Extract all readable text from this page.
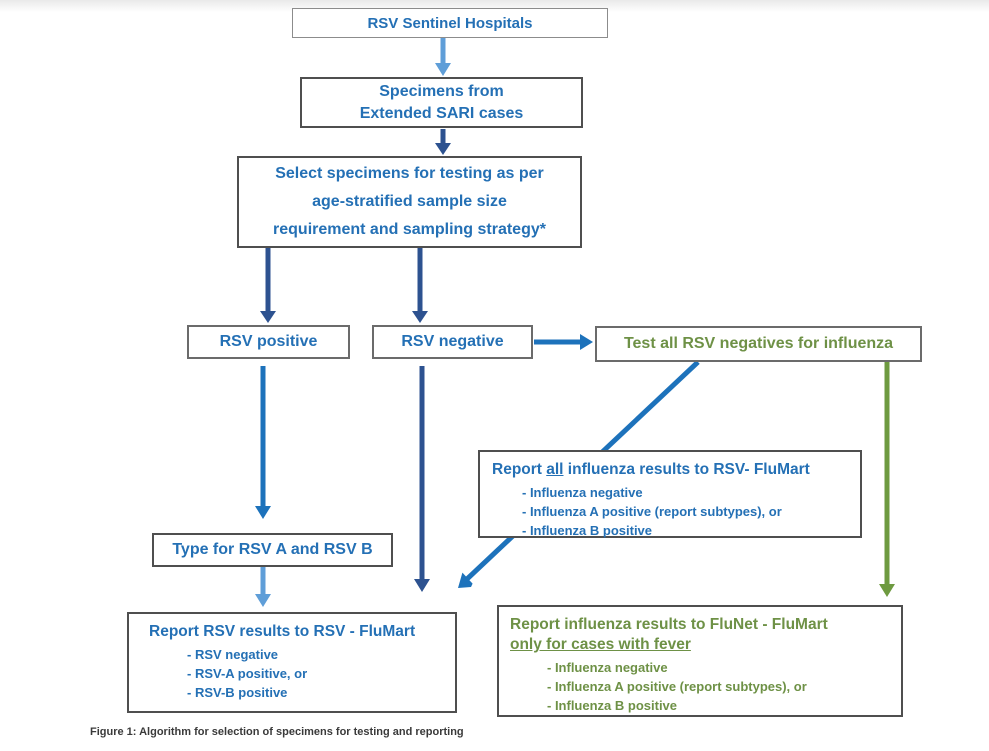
RSV Sentinel Hospitals
Specimens from
Extended SARI cases
Select specimens for testing as per
age-stratified sample size
requirement and sampling strategy*
RSV positive	RSV negative	Test all RSV negatives for influenza
Report all influenza results to RSV- FluMart
- Influenza negative
- Influenza A positive (report subtypes), or
- Influenza B positive
Type for RSV A and RSV B
Report RSV results to RSV - FluMart
- RSV negative
- RSV-A positive, or
- RSV-B positive
Report influenza results to FluNet - FluMart
only for cases with fever
- Influenza negative
- Influenza A positive (report subtypes), or
- Influenza B positive
Figure 1: Algorithm for selection of specimens for testing and reporting
